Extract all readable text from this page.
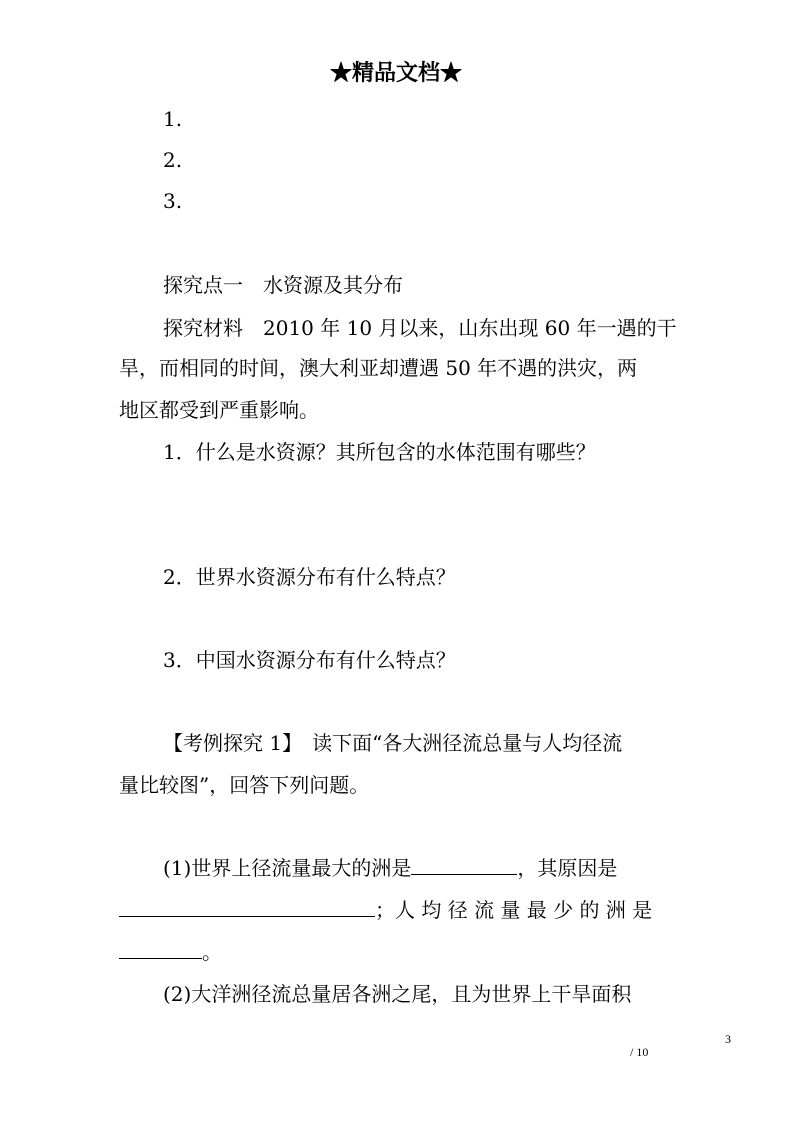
★精品文档★
1.
2.
3.
探究点一　水资源及其分布
探究材料　2010 年 10 月以来，山东出现 60 年一遇的干
旱，而相同的时间，澳大利亚却遭遇 50 年不遇的洪灾，两
地区都受到严重影响。
1．什么是水资源？其所包含的水体范围有哪些？
2．世界水资源分布有什么特点？
3．中国水资源分布有什么特点？
【考例探究 1】　读下面“各大洲径流总量与人均径流
量比较图”，回答下列问题。
(1)世界上径流量最大的洲是	，其原因是
；人 均 径 流 量 最 少 的 洲 是
。
(2)大洋洲径流总量居各洲之尾，且为世界上干旱面积
3
/ 10
